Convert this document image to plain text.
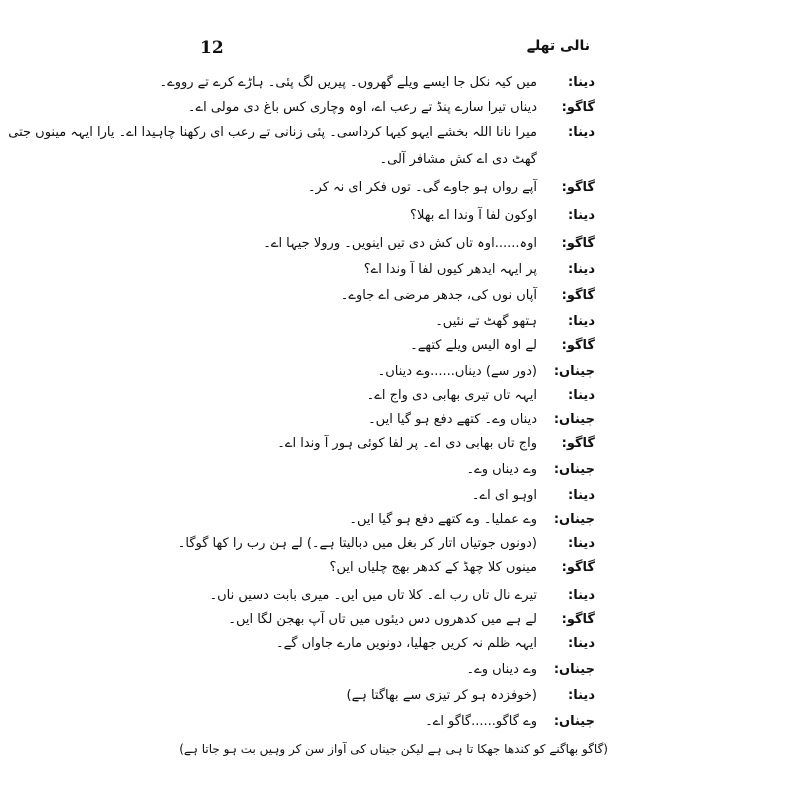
12	نالی تھلے
دینا:
میں کیہ نکل جا ایسے ویلے گھروں۔ پیریں لگ پئی۔ ہاڑے کرے تے رووے۔
گاگو:
دیناں تیرا سارے پنڈ تے رعب اے، اوہ وچاری کس باغ دی مولی اے۔
دینا:
میرا نانا اللہ بخشے ایہو کیہا کرداسی۔ پئی زنانی تے رعب ای رکھنا چاہیدا اے۔ یارا ایہہ مینوں جتی
گھٹ دی اے کش مشافر آلی۔
گاگو:
آپے رواں ہو جاوے گی۔ توں فکر ای نہ کر۔
دینا:
اوکون لفا آ وندا اے بھلا؟
گاگو:
اوہ......اوہ تاں کش دی تیں اینویں۔ ورولا جیہا اے۔
دینا:
پر ایہہ ایدھر کیوں لفا آ وندا اے؟
گاگو:
آپاں نوں کی، جدھر مرضی اے جاوے۔
دینا:
ہتھو گھٹ تے نئیں۔
گاگو:
لے اوہ الیس ویلے کتھے۔
جیناں:
(دور سے) دیناں......وے دیناں۔
دینا:
ایہہ تاں تیری بھابی دی واج اے۔
جیناں:
دیناں وے۔ کتھے دفع ہو گیا ایں۔
گاگو:
واج تاں بھابی دی اے۔ پر لفا کوئی ہور آ وندا اے۔
جیناں:
وے دیناں وے۔
دینا:
اوہو ای اے۔
جیناں:
وے عملیا۔ وے کتھے دفع ہو گیا ایں۔
دینا:
(دونوں جوتیاں اتار کر بغل میں دبالیتا ہے۔) لے ہن رب را کھا گوگا۔
گاگو:
مینوں کلا چھڈ کے کدھر بھج چلیاں ایں؟
دینا:
تیرے نال تاں رب اے۔ کلا تاں میں ایں۔ میری بابت دسیں ناں۔
گاگو:
لے ہے میں کدھروں دس دیئوں میں تاں آپ بھجن لگا ایں۔
دینا:
ایہہ ظلم نہ کریں جھلیا، دونویں مارے جاواں گے۔
جیناں:
وے دیناں وے۔
دینا:
(خوفزدہ ہو کر تیزی سے بھاگتا ہے)
جیناں:
وے گاگو......گاگو اے۔
(گاگو بھاگنے کو کندھا جھکا تا ہی ہے لیکن جیناں کی آواز سن کر وہیں بت ہو جاتا ہے)
